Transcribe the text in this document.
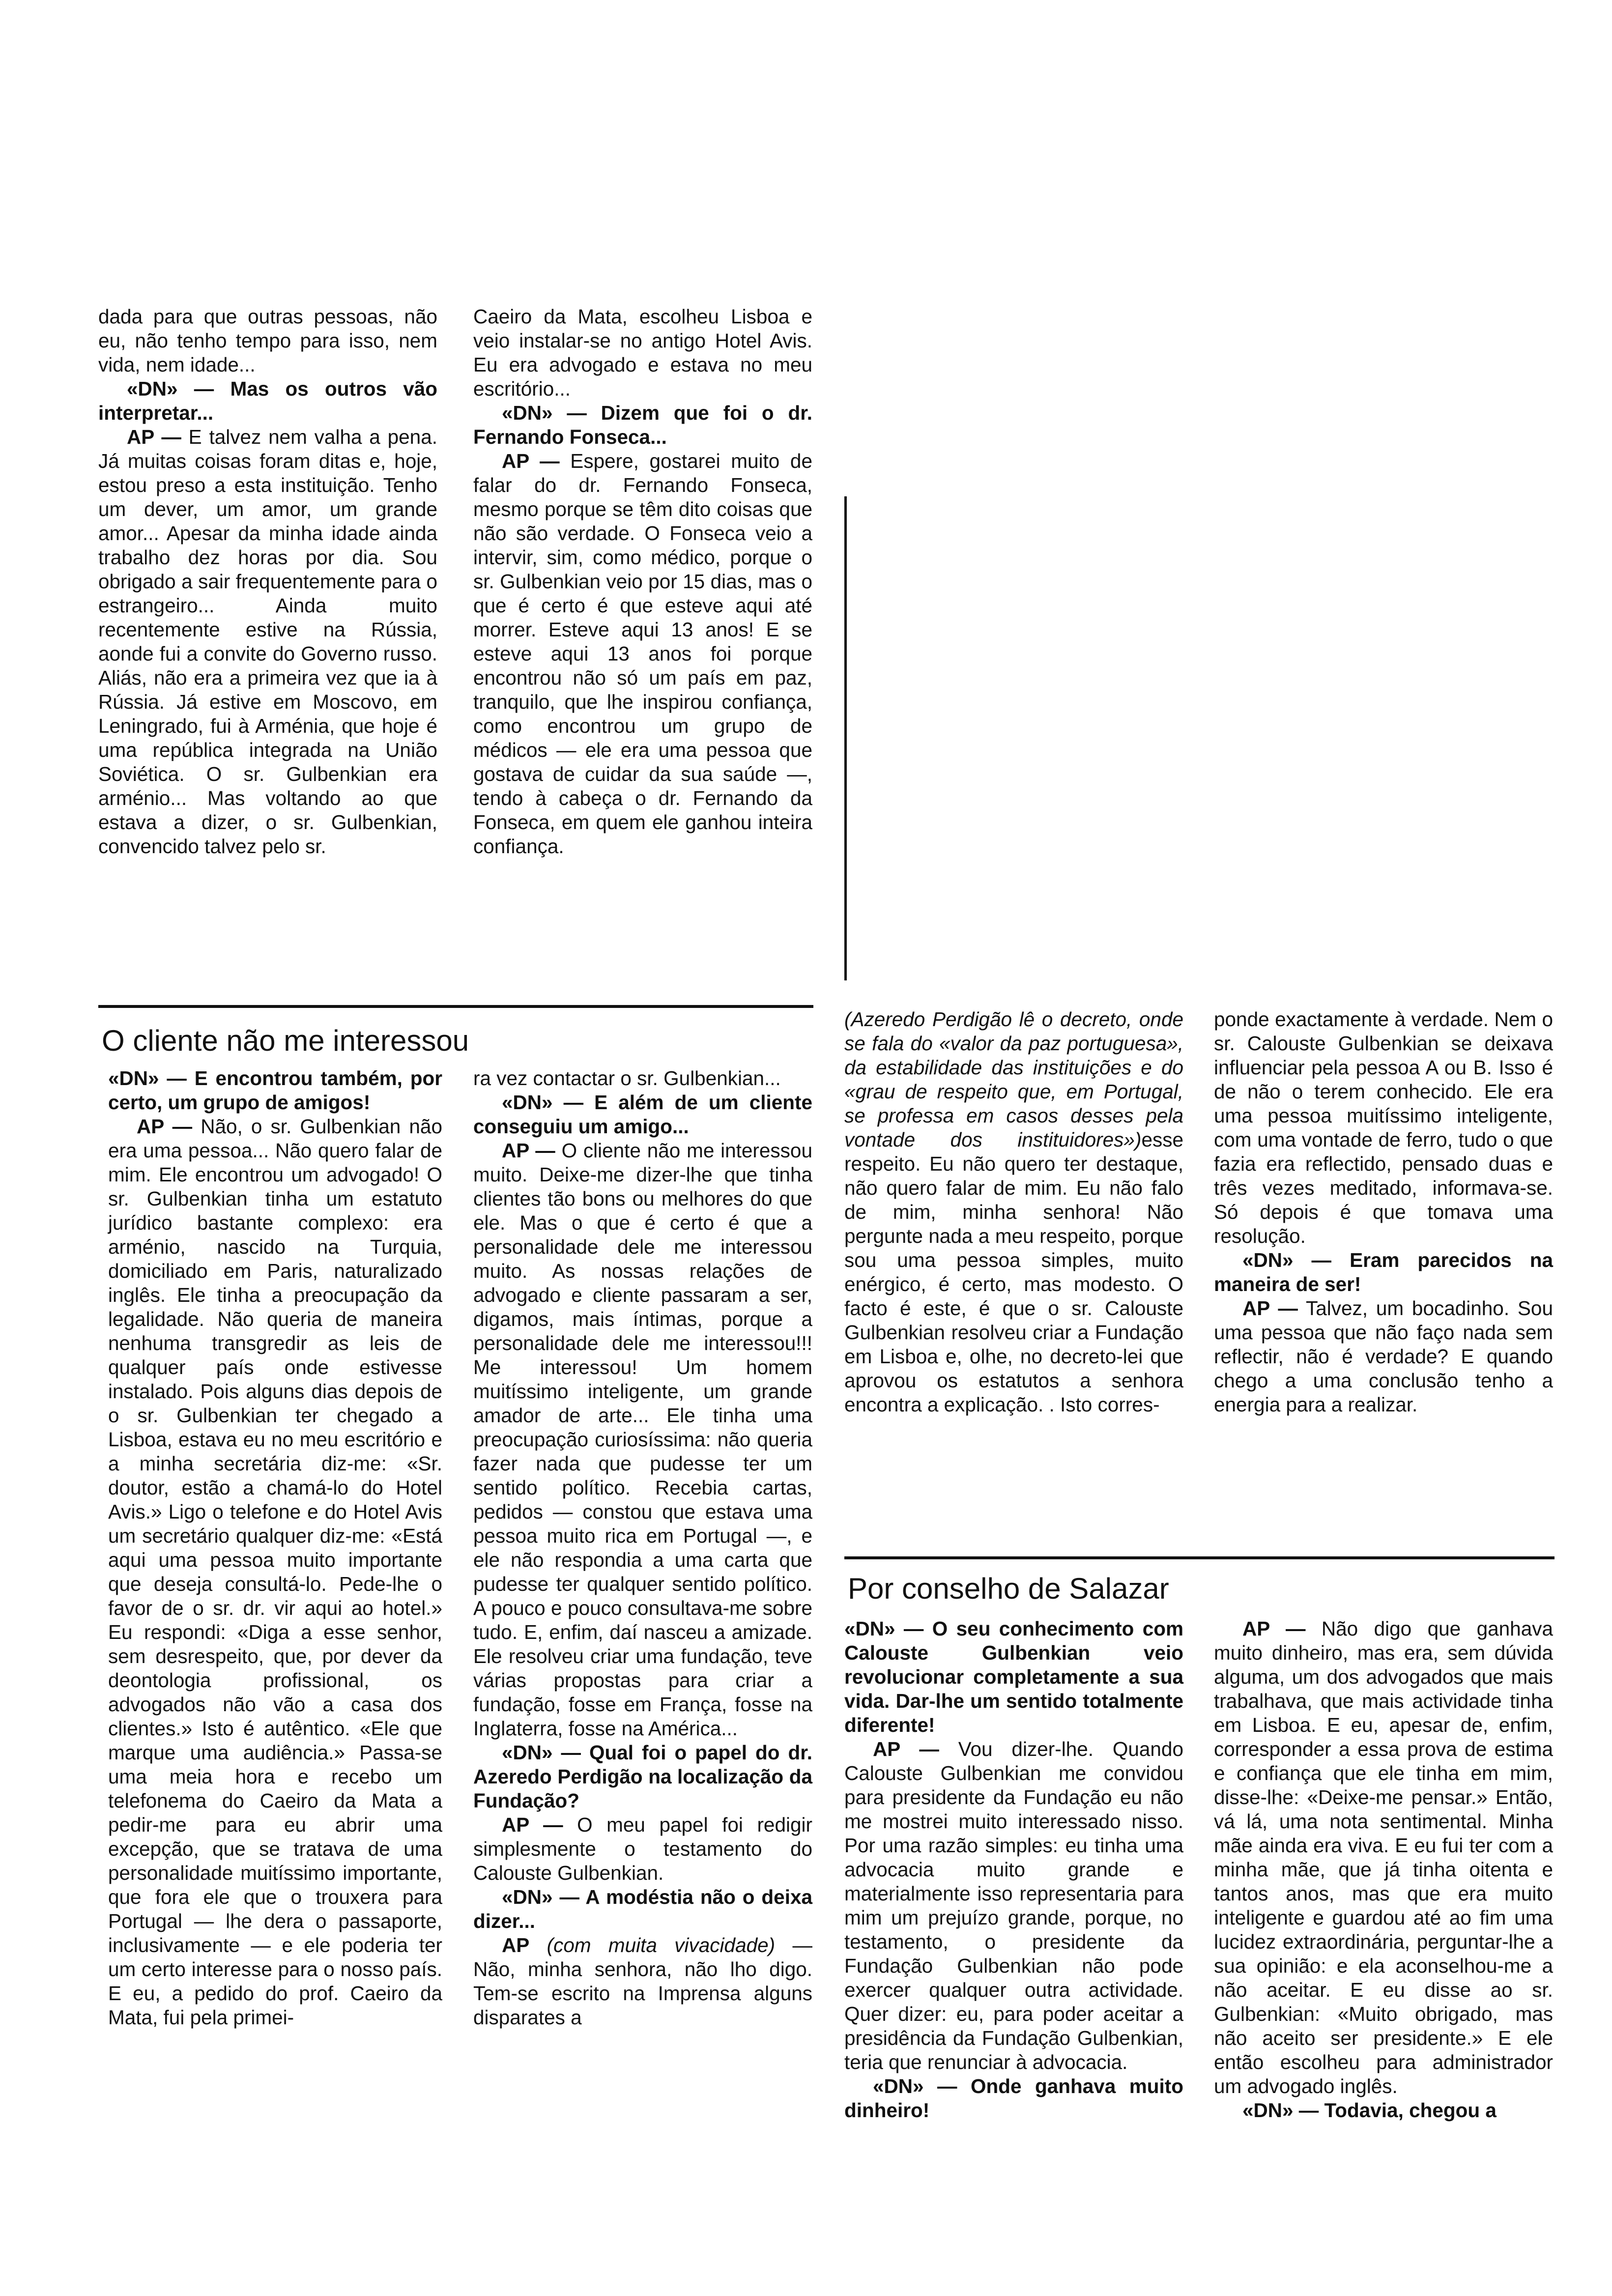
dada para que outras pessoas, não eu, não tenho tempo para isso, nem vida, nem idade...

«DN» — Mas os outros vão interpretar...

AP — E talvez nem valha a pena. Já muitas coisas foram ditas e, hoje, estou preso a esta instituição. Tenho um dever, um amor, um grande amor... Apesar da minha idade ainda trabalho dez horas por dia. Sou obrigado a sair frequentemente para o estrangeiro... Ainda muito recentemente estive na Rússia, aonde fui a convite do Governo russo. Aliás, não era a primeira vez que ia à Rússia. Já estive em Moscovo, em Leningrado, fui à Arménia, que hoje é uma república integrada na União Soviética. O sr. Gulbenkian era arménio... Mas voltando ao que estava a dizer, o sr. Gulbenkian, convencido talvez pelo sr.

Caeiro da Mata, escolheu Lisboa e veio instalar-se no antigo Hotel Avis. Eu era advogado e estava no meu escritório...

«DN» — Dizem que foi o dr. Fernando Fonseca...

AP — Espere, gostarei muito de falar do dr. Fernando Fonseca, mesmo porque se têm dito coisas que não são verdade. O Fonseca veio a intervir, sim, como médico, porque o sr. Gulbenkian veio por 15 dias, mas o que é certo é que esteve aqui até morrer. Esteve aqui 13 anos! E se esteve aqui 13 anos foi porque encontrou não só um país em paz, tranquilo, que lhe inspirou confiança, como encontrou um grupo de médicos — ele era uma pessoa que gostava de cuidar da sua saúde —, tendo à cabeça o dr. Fernando da Fonseca, em quem ele ganhou inteira confiança.

O cliente não me interessou

«DN» — E encontrou também, por certo, um grupo de amigos!

AP — Não, o sr. Gulbenkian não era uma pessoa... Não quero falar de mim. Ele encontrou um advogado! O sr. Gulbenkian tinha um estatuto jurídico bastante complexo: era arménio, nascido na Turquia, domiciliado em Paris, naturalizado inglês. Ele tinha a preocupação da legalidade. Não queria de maneira nenhuma transgredir as leis de qualquer país onde estivesse instalado. Pois alguns dias depois de o sr. Gulbenkian ter chegado a Lisboa, estava eu no meu escritório e a minha secretária diz-me: «Sr. doutor, estão a chamá-lo do Hotel Avis.» Ligo o telefone e do Hotel Avis um secretário qualquer diz-me: «Está aqui uma pessoa muito importante que deseja consultá-lo. Pede-lhe o favor de o sr. dr. vir aqui ao hotel.» Eu respondi: «Diga a esse senhor, sem desrespeito, que, por dever da deontologia profissional, os advogados não vão a casa dos clientes.» Isto é autêntico. «Ele que marque uma audiência.» Passa-se uma meia hora e recebo um telefonema do Caeiro da Mata a pedir-me para eu abrir uma excepção, que se tratava de uma personalidade muitíssimo importante, que fora ele que o trouxera para Portugal — lhe dera o passaporte, inclusivamente — e ele poderia ter um certo interesse para o nosso país. E eu, a pedido do prof. Caeiro da Mata, fui pela primei-

ra vez contactar o sr. Gulbenkian...

«DN» — E além de um cliente conseguiu um amigo...

AP — O cliente não me interessou muito. Deixe-me dizer-lhe que tinha clientes tão bons ou melhores do que ele. Mas o que é certo é que a personalidade dele me interessou muito. As nossas relações de advogado e cliente passaram a ser, digamos, mais íntimas, porque a personalidade dele me interessou!!! Me interessou! Um homem muitíssimo inteligente, um grande amador de arte... Ele tinha uma preocupação curiosíssima: não queria fazer nada que pudesse ter um sentido político. Recebia cartas, pedidos — constou que estava uma pessoa muito rica em Portugal —, e ele não respondia a uma carta que pudesse ter qualquer sentido político. A pouco e pouco consultava-me sobre tudo. E, enfim, daí nasceu a amizade. Ele resolveu criar uma fundação, teve várias propostas para criar a fundação, fosse em França, fosse na Inglaterra, fosse na América...

«DN» — Qual foi o papel do dr. Azeredo Perdigão na localização da Fundação?

AP — O meu papel foi redigir simplesmente o testamento do Calouste Gulbenkian.

«DN» — A modéstia não o deixa dizer...

AP (com muita vivacidade) — Não, minha senhora, não lho digo. Tem-se escrito na Imprensa alguns disparates a

(Azeredo Perdigão lê o decreto, onde se fala do «valor da paz portuguesa», da estabilidade das instituições e do «grau de respeito que, em Portugal, se professa em casos desses pela vontade dos instituidores»)esse respeito. Eu não quero ter destaque, não quero falar de mim. Eu não falo de mim, minha senhora! Não pergunte nada a meu respeito, porque sou uma pessoa simples, muito enérgico, é certo, mas modesto. O facto é este, é que o sr. Calouste Gulbenkian resolveu criar a Fundação em Lisboa e, olhe, no decreto-lei que aprovou os estatutos a senhora encontra a explicação. . Isto corres-

ponde exactamente à verdade. Nem o sr. Calouste Gulbenkian se deixava influenciar pela pessoa A ou B. Isso é de não o terem conhecido. Ele era uma pessoa muitíssimo inteligente, com uma vontade de ferro, tudo o que fazia era reflectido, pensado duas e três vezes meditado, informava-se. Só depois é que tomava uma resolução.

«DN» — Eram parecidos na maneira de ser!

AP — Talvez, um bocadinho. Sou uma pessoa que não faço nada sem reflectir, não é verdade? E quando chego a uma conclusão tenho a energia para a realizar.

Por conselho de Salazar

«DN» — O seu conhecimento com Calouste Gulbenkian veio revolucionar completamente a sua vida. Dar-lhe um sentido totalmente diferente!

AP — Vou dizer-lhe. Quando Calouste Gulbenkian me convidou para presidente da Fundação eu não me mostrei muito interessado nisso. Por uma razão simples: eu tinha uma advocacia muito grande e materialmente isso representaria para mim um prejuízo grande, porque, no testamento, o presidente da Fundação Gulbenkian não pode exercer qualquer outra actividade. Quer dizer: eu, para poder aceitar a presidência da Fundação Gulbenkian, teria que renunciar à advocacia.

«DN» — Onde ganhava muito dinheiro!

AP — Não digo que ganhava muito dinheiro, mas era, sem dúvida alguma, um dos advogados que mais trabalhava, que mais actividade tinha em Lisboa. E eu, apesar de, enfim, corresponder a essa prova de estima e confiança que ele tinha em mim, disse-lhe: «Deixe-me pensar.» Então, vá lá, uma nota sentimental. Minha mãe ainda era viva. E eu fui ter com a minha mãe, que já tinha oitenta e tantos anos, mas que era muito inteligente e guardou até ao fim uma lucidez extraordinária, perguntar-lhe a sua opinião: e ela aconselhou-me a não aceitar. E eu disse ao sr. Gulbenkian: «Muito obrigado, mas não aceito ser presidente.» E ele então escolheu para administrador um advogado inglês.

«DN» — Todavia, chegou a
